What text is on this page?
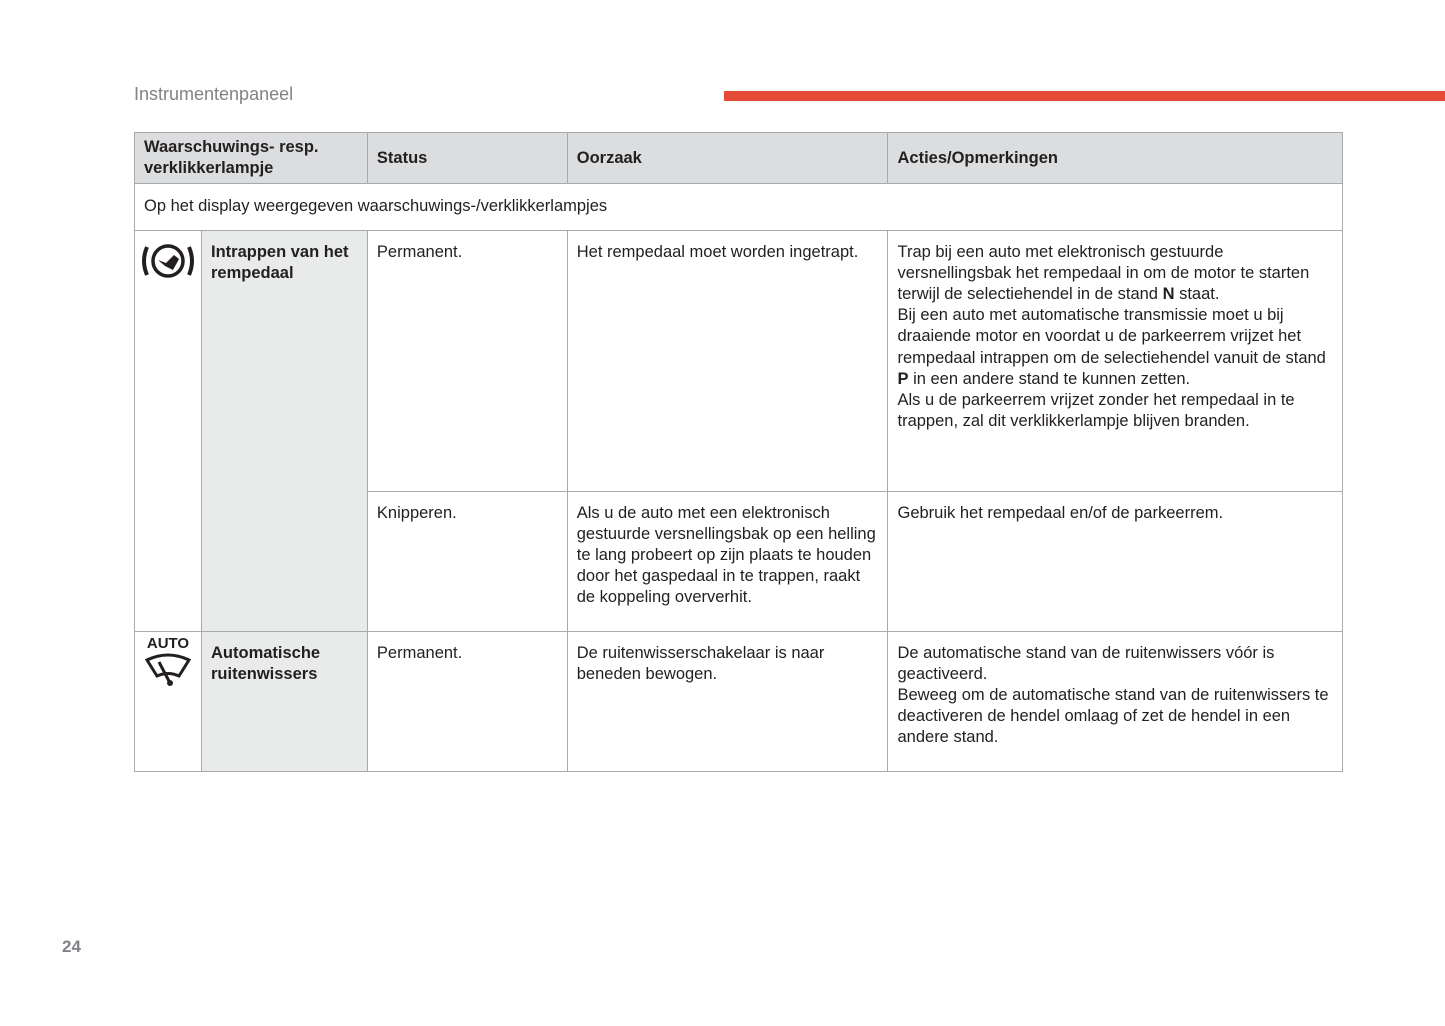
Instrumentenpaneel
Waarschuwings- resp. verklikkerlampje		Status	Oorzaak	Acties/Opmerkingen
Op het display weergegeven waarschuwings-/verklikkerlampjes				
	Intrappen van het rempedaal	Permanent.	Het rempedaal moet worden ingetrapt.	Trap bij een auto met elektronisch gestuurde versnellingsbak het rempedaal in om de motor te starten terwijl de selectiehendel in de stand N staat.
Bij een auto met automatische transmissie moet u bij draaiende motor en voordat u de parkeerrem vrijzet het rempedaal intrappen om de selectiehendel vanuit de stand P in een andere stand te kunnen zetten.
Als u de parkeerrem vrijzet zonder het rempedaal in te trappen, zal dit verklikkerlampje blijven branden.
		Knipperen.	Als u de auto met een elektronisch gestuurde versnellingsbak op een helling te lang probeert op zijn plaats te houden door het gaspedaal in te trappen, raakt de koppeling oververhit.	Gebruik het rempedaal en/of de parkeerrem.

AUTO	Automatische ruitenwissers	Permanent.	De ruitenwisserschakelaar is naar beneden bewogen.	De automatische stand van de ruitenwissers vóór is geactiveerd.
Beweeg om de automatische stand van de ruitenwissers te deactiveren de hendel omlaag of zet de hendel in een andere stand.
24
